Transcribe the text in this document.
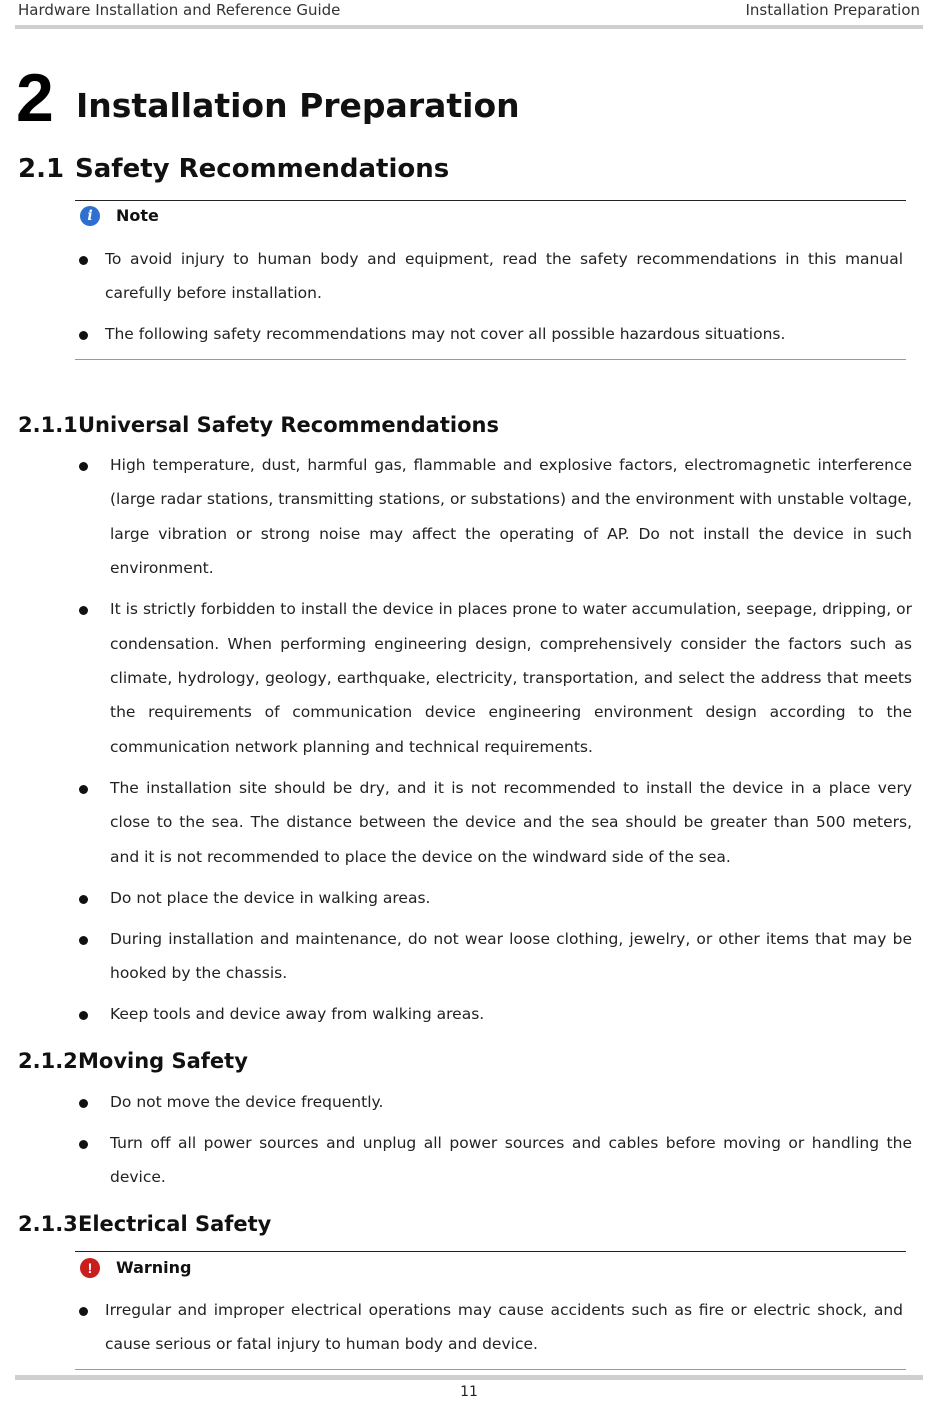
Hardware Installation and Reference Guide	Installation Preparation
2 Installation Preparation
2.1 Safety Recommendations
i	Note
To avoid injury to human body and equipment, read the safety recommendations in this manual carefully before installation.
The following safety recommendations may not cover all possible hazardous situations.
2.1.1Universal Safety Recommendations
High temperature, dust, harmful gas, flammable and explosive factors, electromagnetic interference (large radar stations, transmitting stations, or substations) and the environment with unstable voltage, large vibration or strong noise may affect the operating of AP. Do not install the device in such environment.
It is strictly forbidden to install the device in places prone to water accumulation, seepage, dripping, or condensation. When performing engineering design, comprehensively consider the factors such as climate, hydrology, geology, earthquake, electricity, transportation, and select the address that meets the requirements of communication device engineering environment design according to the communication network planning and technical requirements.
The installation site should be dry, and it is not recommended to install the device in a place very close to the sea. The distance between the device and the sea should be greater than 500 meters, and it is not recommended to place the device on the windward side of the sea.
Do not place the device in walking areas.
During installation and maintenance, do not wear loose clothing, jewelry, or other items that may be hooked by the chassis.
Keep tools and device away from walking areas.
2.1.2Moving Safety
Do not move the device frequently.
Turn off all power sources and unplug all power sources and cables before moving or handling the device.
2.1.3Electrical Safety
!	Warning
Irregular and improper electrical operations may cause accidents such as fire or electric shock, and cause serious or fatal injury to human body and device.
11
